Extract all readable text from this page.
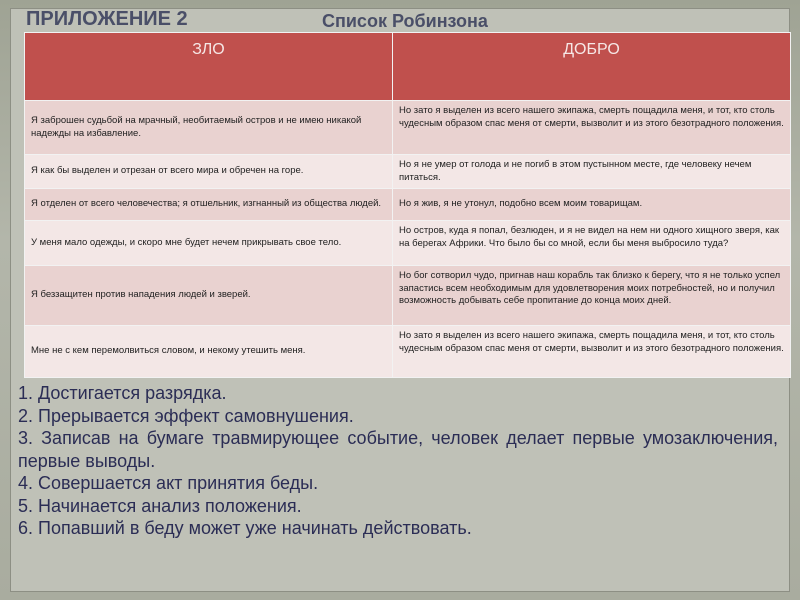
ПРИЛОЖЕНИЕ 2	Список Робинзона
ЗЛО	ДОБРО
Я заброшен судьбой на мрачный, необитаемый остров и не имею никакой надежды на избавление.	Но зато я выделен из всего нашего экипажа, смерть пощадила меня, и тот, кто столь чудесным образом спас меня от смерти, вызволит и из этого безотрадного положения.
Я как бы выделен и отрезан от всего мира и обречен на горе.	Но я не умер от голода и не погиб в этом пустынном месте, где человеку нечем питаться.
Я отделен от всего человечества; я отшельник, изгнанный из общества людей.	Но я жив, я не утонул, подобно всем моим товарищам.
У меня мало одежды, и скоро мне будет нечем прикрывать свое тело.	Но остров, куда я попал, безлюден, и я не видел на нем ни одного хищного зверя, как на берегах Африки. Что было бы со мной, если бы меня выбросило туда?
Я беззащитен против нападения людей и зверей.	Но бог сотворил чудо, пригнав наш корабль так близко к берегу, что я не только успел запастись всем необходимым для удовлетворения моих потребностей, но и получил возможность добывать себе пропитание до конца моих дней.
Мне не с кем перемолвиться словом, и некому утешить меня.	Но зато я выделен из всего нашего экипажа, смерть пощадила меня, и тот, кто столь чудесным образом спас меня от смерти, вызволит и из этого безотрадного положения.
1. Достигается разрядка.
2. Прерывается эффект самовнушения.
3. Записав на бумаге травмирующее событие, человек делает первые умозаключения, первые выводы.
4. Совершается акт принятия беды.
5. Начинается анализ положения.
6. Попавший в беду может уже начинать действовать.
